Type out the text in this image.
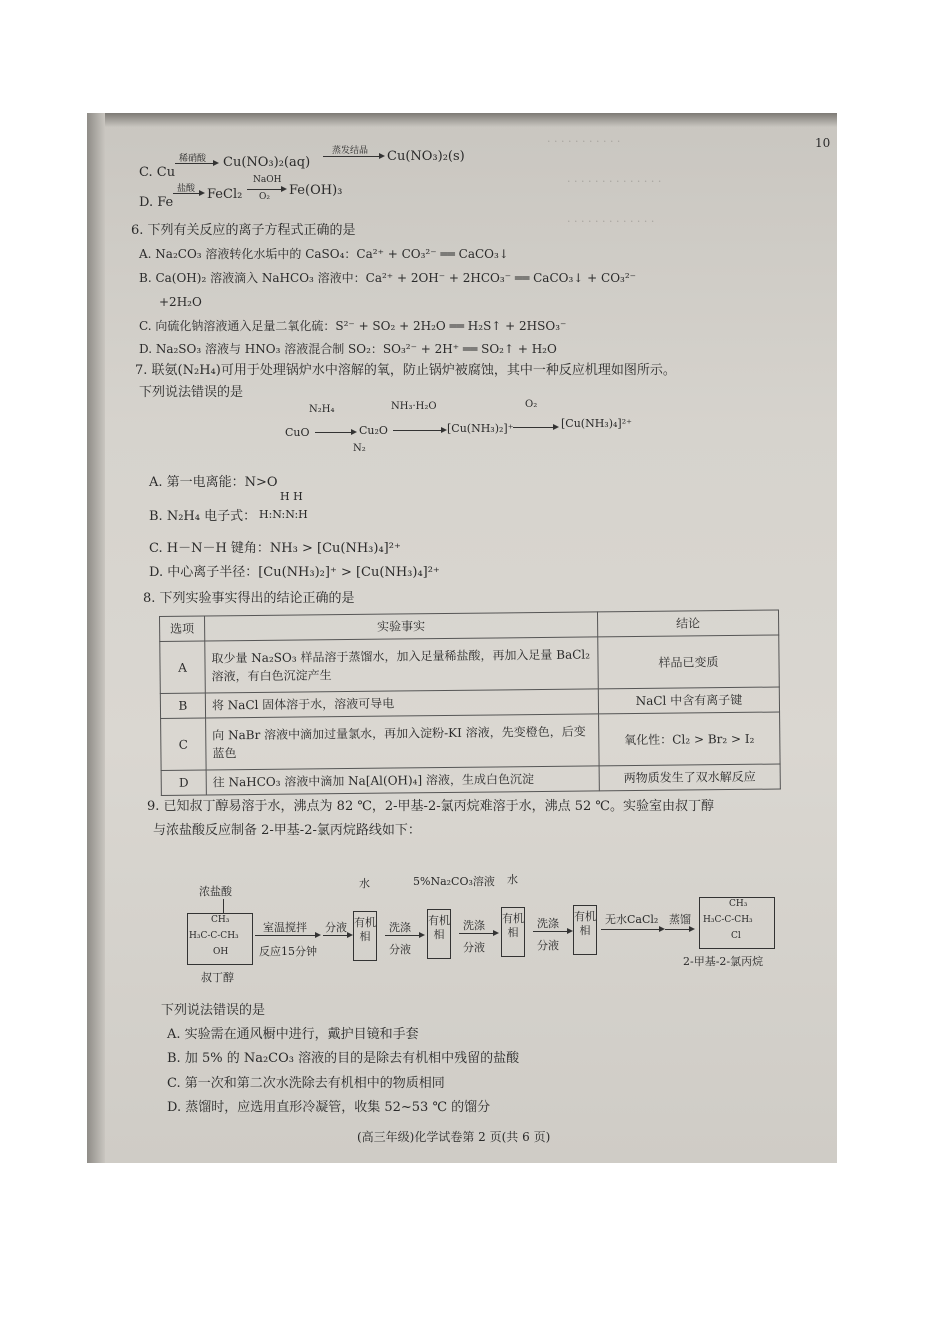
C. Cu
稀硝酸 → Cu(NO₃)₂(aq)
蒸发结晶 → Cu(NO₃)₂(s)
D. Fe
盐酸 → FeCl₂
NaOH
O₂ Fe(OH)₃
10
· · · · · · · · · · ·
· · · · · · · · · · · · · ·
· · · · · · · · · · · · ·
6. 下列有关反应的离子方程式正确的是
A. Na₂CO₃ 溶液转化水垢中的 CaSO₄：Ca²⁺ + CO₃²⁻ ══ CaCO₃↓
B. Ca(OH)₂ 溶液滴入 NaHCO₃ 溶液中：Ca²⁺ + 2OH⁻ + 2HCO₃⁻ ══ CaCO₃↓ + CO₃²⁻
+2H₂O
C. 向硫化钠溶液通入足量二氧化硫：S²⁻ + SO₂ + 2H₂O ══ H₂S↑ + 2HSO₃⁻
D. Na₂SO₃ 溶液与 HNO₃ 溶液混合制 SO₂：SO₃²⁻ + 2H⁺ ══ SO₂↑ + H₂O
7. 联氨(N₂H₄)可用于处理锅炉水中溶解的氧，防止锅炉被腐蚀，其中一种反应机理如图所示。
下列说法错误的是
N₂H₄	NH₃·H₂O	O₂
CuO	Cu₂O	[Cu(NH₃)₂]⁺	[Cu(NH₃)₄]²⁺
N₂
A. 第一电离能：N>O
B. N₂H₄ 电子式：
H H
H:N:N:H
C. H－N－H 键角：NH₃ > [Cu(NH₃)₄]²⁺
D. 中心离子半径：[Cu(NH₃)₂]⁺ > [Cu(NH₃)₄]²⁺
8. 下列实验事实得出的结论正确的是
选项	实验事实	结论
A	取少量 Na₂SO₃ 样品溶于蒸馏水，加入足量稀盐酸，再加入足量 BaCl₂ 溶液，有白色沉淀产生	样品已变质
B	将 NaCl 固体溶于水，溶液可导电	NaCl 中含有离子键
C	向 NaBr 溶液中滴加过量氯水，再加入淀粉-KI 溶液，先变橙色，后变蓝色	氧化性：Cl₂ > Br₂ > I₂
D	往 NaHCO₃ 溶液中滴加 Na[Al(OH)₄] 溶液，生成白色沉淀	两物质发生了双水解反应
9. 已知叔丁醇易溶于水，沸点为 82 ℃，2-甲基-2-氯丙烷难溶于水，沸点 52 ℃。实验室由叔丁醇
与浓盐酸反应制备 2-甲基-2-氯丙烷路线如下：
浓盐酸
CH₃
H₃C-C-CH₃
OH
叔丁醇
室温搅拌
反应15分钟
分液
水
有机相
洗涤
分液
5%Na₂CO₃溶液
有机相
洗涤
分液
水
有机相
洗涤
分液
有机相
无水CaCl₂ 蒸馏
CH₃
H₃C-C-CH₃
Cl
2-甲基-2-氯丙烷
下列说法错误的是
A. 实验需在通风橱中进行，戴护目镜和手套
B. 加 5% 的 Na₂CO₃ 溶液的目的是除去有机相中残留的盐酸
C. 第一次和第二次水洗除去有机相中的物质相同
D. 蒸馏时，应选用直形冷凝管，收集 52~53 ℃ 的馏分
(高三年级)化学试卷第 2 页(共 6 页)
